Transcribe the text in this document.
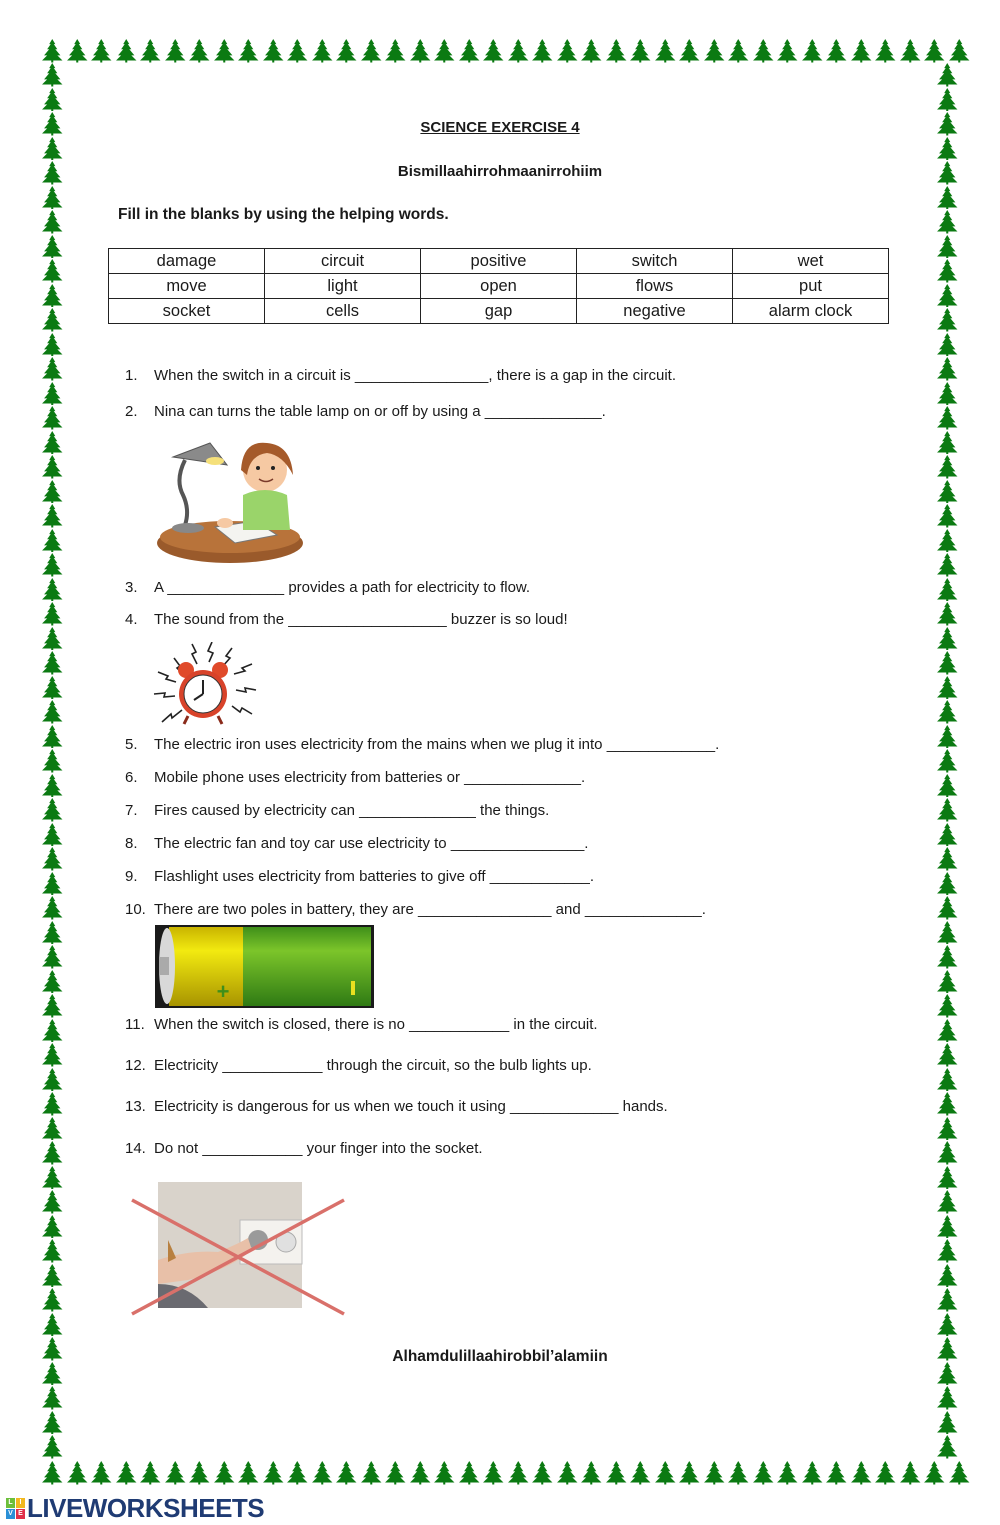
SCIENCE EXERCISE 4
Bismillaahirrohmaanirrohiim
Fill in the blanks by using the helping words.
damage	circuit	positive	switch	wet
move	light	open	flows	put
socket	cells	gap	negative	alarm clock
1.	When the switch in a circuit is ________________ , there is a gap in the circuit.
2.	Nina can turns the table lamp on or off by using a ______________ .
3.	A ______________ provides a path for electricity to flow.
4.	The sound from the ___________________ buzzer is so loud!
5.	The electric iron uses electricity from the mains when we plug it into _____________ .
6.	Mobile phone uses electricity from batteries or ______________ .
7.	Fires caused by electricity can ______________ the things.
8.	The electric fan and toy car use electricity to ________________ .
9.	Flashlight uses electricity from batteries to give off ____________ .
10. There are two poles in battery, they are ________________ and ______________ .
+
11. When the switch is closed, there is no ____________ in the circuit.
12. Electricity ____________ through the circuit, so the bulb lights up.
13. Electricity is dangerous for us when we touch it using _____________ hands.
14. Do not ____________ your finger into the socket.
Alhamdulillaahirobbil’alamiin
L I
V E LIVEWORKSHEETS
